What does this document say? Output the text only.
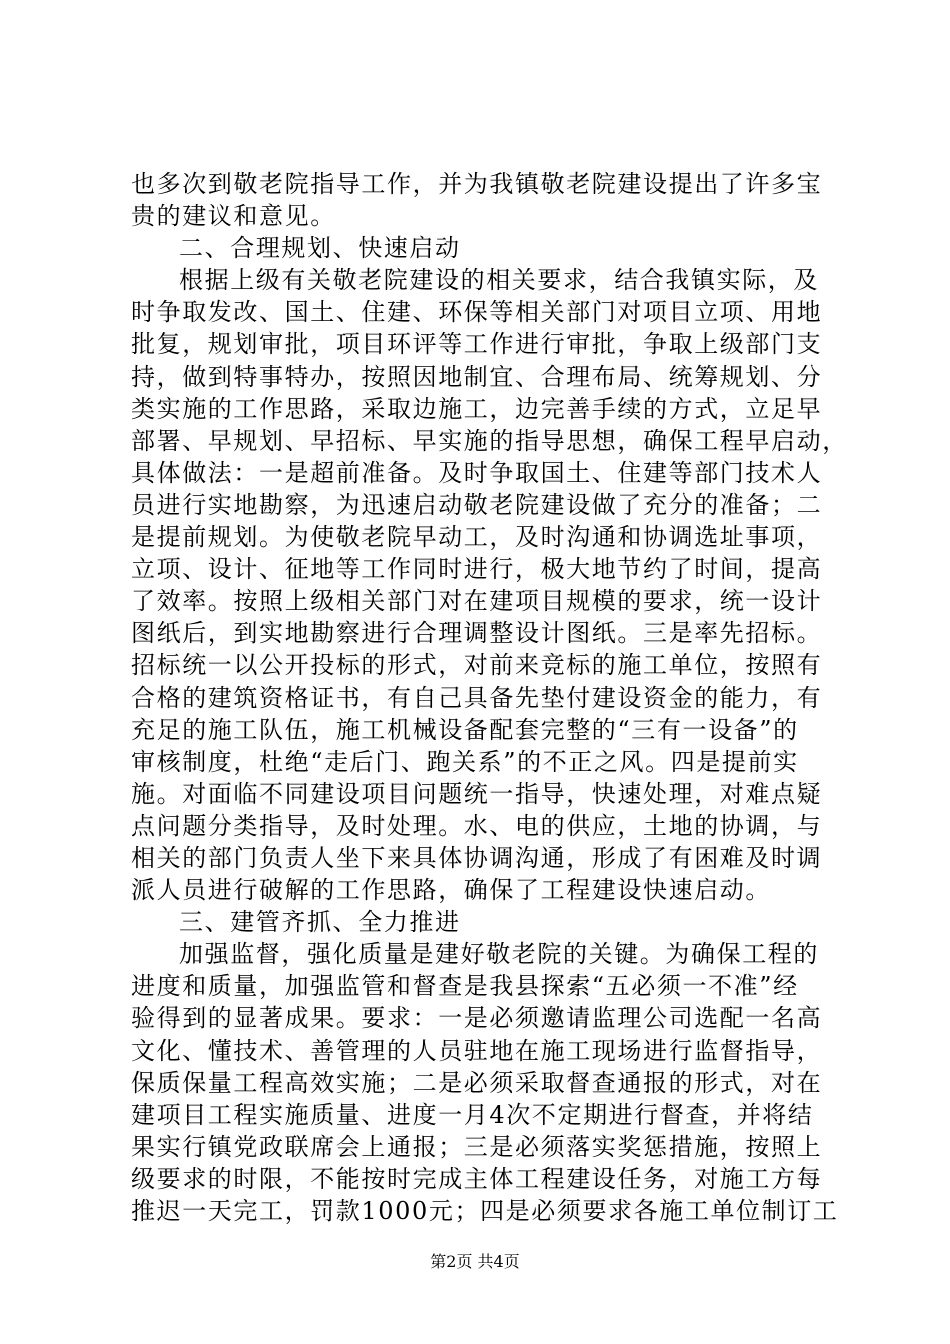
也多次到敬老院指导工作，并为我镇敬老院建设提出了许多宝
贵的建议和意见。
二、合理规划、快速启动
根据上级有关敬老院建设的相关要求，结合我镇实际，及
时争取发改、国土、住建、环保等相关部门对项目立项、用地
批复，规划审批，项目环评等工作进行审批，争取上级部门支
持，做到特事特办，按照因地制宜、合理布局、统筹规划、分
类实施的工作思路，采取边施工，边完善手续的方式，立足早
部署、早规划、早招标、早实施的指导思想，确保工程早启动，
具体做法：一是超前准备。及时争取国土、住建等部门技术人
员进行实地勘察，为迅速启动敬老院建设做了充分的准备；二
是提前规划。为使敬老院早动工，及时沟通和协调选址事项，
立项、设计、征地等工作同时进行，极大地节约了时间，提高
了效率。按照上级相关部门对在建项目规模的要求，统一设计
图纸后，到实地勘察进行合理调整设计图纸。三是率先招标。
招标统一以公开投标的形式，对前来竞标的施工单位，按照有
合格的建筑资格证书，有自己具备先垫付建设资金的能力，有
充足的施工队伍，施工机械设备配套完整的“三有一设备”的
审核制度，杜绝“走后门、跑关系”的不正之风。四是提前实
施。对面临不同建设项目问题统一指导，快速处理，对难点疑
点问题分类指导，及时处理。水、电的供应，土地的协调，与
相关的部门负责人坐下来具体协调沟通，形成了有困难及时调
派人员进行破解的工作思路，确保了工程建设快速启动。
三、建管齐抓、全力推进
加强监督，强化质量是建好敬老院的关键。为确保工程的
进度和质量，加强监管和督查是我县探索“五必须一不准”经
验得到的显著成果。要求：一是必须邀请监理公司选配一名高
文化、懂技术、善管理的人员驻地在施工现场进行监督指导，
保质保量工程高效实施；二是必须采取督查通报的形式，对在
建项目工程实施质量、进度一月4次不定期进行督查，并将结
果实行镇党政联席会上通报；三是必须落实奖惩措施，按照上
级要求的时限，不能按时完成主体工程建设任务，对施工方每
推迟一天完工，罚款1000元；四是必须要求各施工单位制订工
第2页 共4页
